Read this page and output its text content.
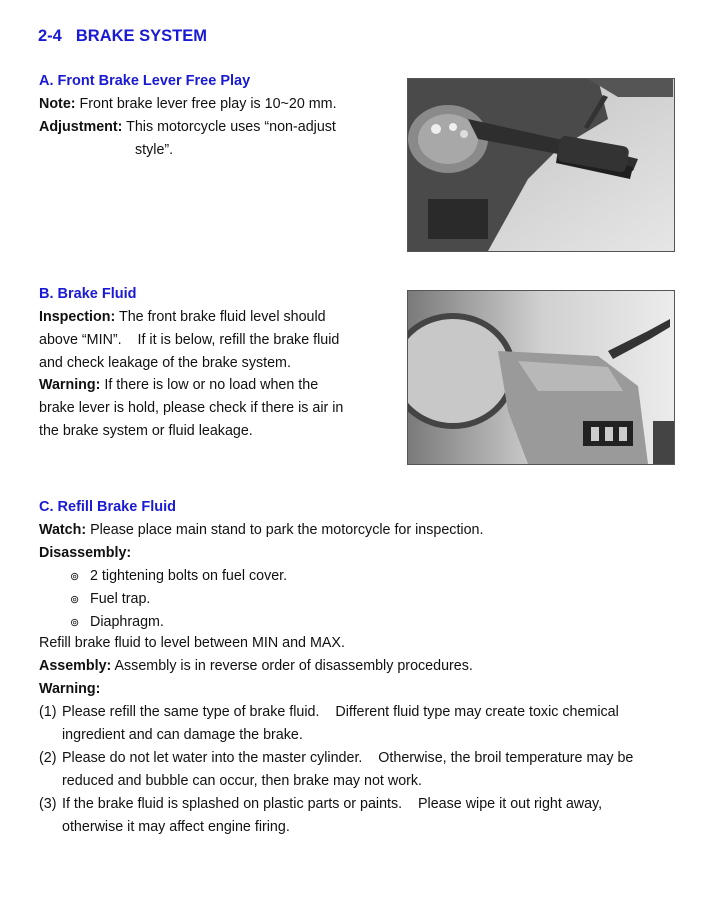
2-4 BRAKE SYSTEM
A. Front Brake Lever Free Play
Note: Front brake lever free play is 10~20 mm.
Adjustment: This motorcycle uses “non-adjust
style”.
B. Brake Fluid
Inspection: The front brake fluid level should
above “MIN”.    If it is below, refill the brake fluid
and check leakage of the brake system.
Warning: If there is low or no load when the
brake lever is hold, please check if there is air in
the brake system or fluid leakage.
C. Refill Brake Fluid
Watch: Please place main stand to park the motorcycle for inspection.
Disassembly:
⊚ 2 tightening bolts on fuel cover.
⊚ Fuel trap.
⊚ Diaphragm.
Refill brake fluid to level between MIN and MAX.
Assembly: Assembly is in reverse order of disassembly procedures.
Warning:
(1) Please refill the same type of brake fluid.    Different fluid type may create toxic chemical
ingredient and can damage the brake.
(2) Please do not let water into the master cylinder.    Otherwise, the broil temperature may be
reduced and bubble can occur, then brake may not work.
(3) If the brake fluid is splashed on plastic parts or paints.    Please wipe it out right away,
otherwise it may affect engine firing.
